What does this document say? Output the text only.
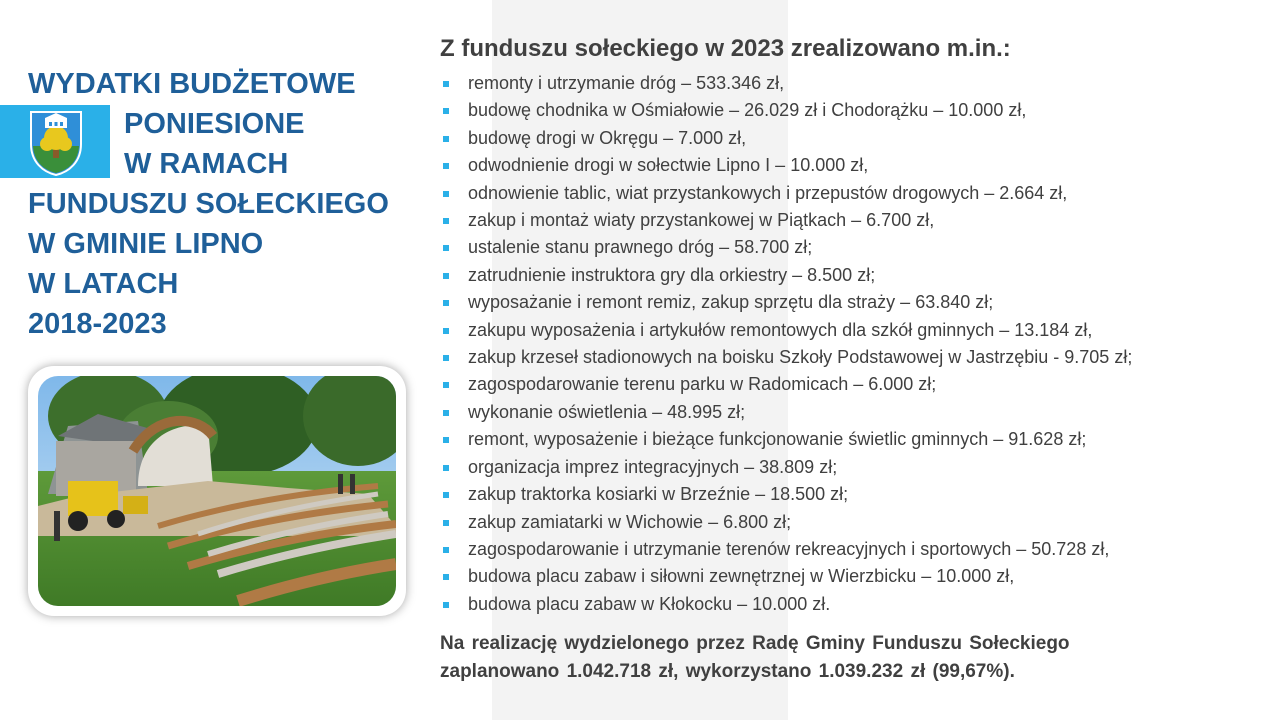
WYDATKI BUDŻETOWE
PONIESIONE
W RAMACH
FUNDUSZU SOŁECKIEGO
W GMINIE LIPNO
W LATACH
2018-2023
Z funduszu sołeckiego w 2023 zrealizowano m.in.:
remonty i utrzymanie dróg – 533.346 zł,
budowę chodnika w Ośmiałowie – 26.029 zł i Chodorążku – 10.000 zł,
budowę drogi w Okręgu – 7.000 zł,
odwodnienie drogi w sołectwie Lipno I – 10.000 zł,
odnowienie tablic, wiat przystankowych i przepustów drogowych – 2.664 zł,
zakup i montaż wiaty przystankowej w Piątkach – 6.700 zł,
ustalenie stanu prawnego dróg – 58.700 zł;
zatrudnienie instruktora gry dla orkiestry – 8.500 zł;
wyposażanie i remont remiz, zakup sprzętu dla straży – 63.840 zł;
zakupu wyposażenia i artykułów remontowych dla szkół gminnych – 13.184 zł,
zakup krzeseł stadionowych na boisku Szkoły Podstawowej w Jastrzębiu - 9.705 zł;
zagospodarowanie terenu parku w Radomicach – 6.000 zł;
wykonanie oświetlenia – 48.995 zł;
remont, wyposażenie i bieżące funkcjonowanie świetlic gminnych – 91.628 zł;
organizacja imprez integracyjnych – 38.809 zł;
zakup traktorka kosiarki w Brzeźnie – 18.500 zł;
zakup zamiatarki w Wichowie – 6.800 zł;
zagospodarowanie i utrzymanie terenów rekreacyjnych i sportowych – 50.728 zł,
budowa placu zabaw i siłowni zewnętrznej w Wierzbicku – 10.000 zł,
budowa placu zabaw w Kłokocku – 10.000 zł.
Na realizację wydzielonego przez Radę Gminy Funduszu Sołeckiego
zaplanowano 1.042.718 zł, wykorzystano 1.039.232 zł (99,67%).
